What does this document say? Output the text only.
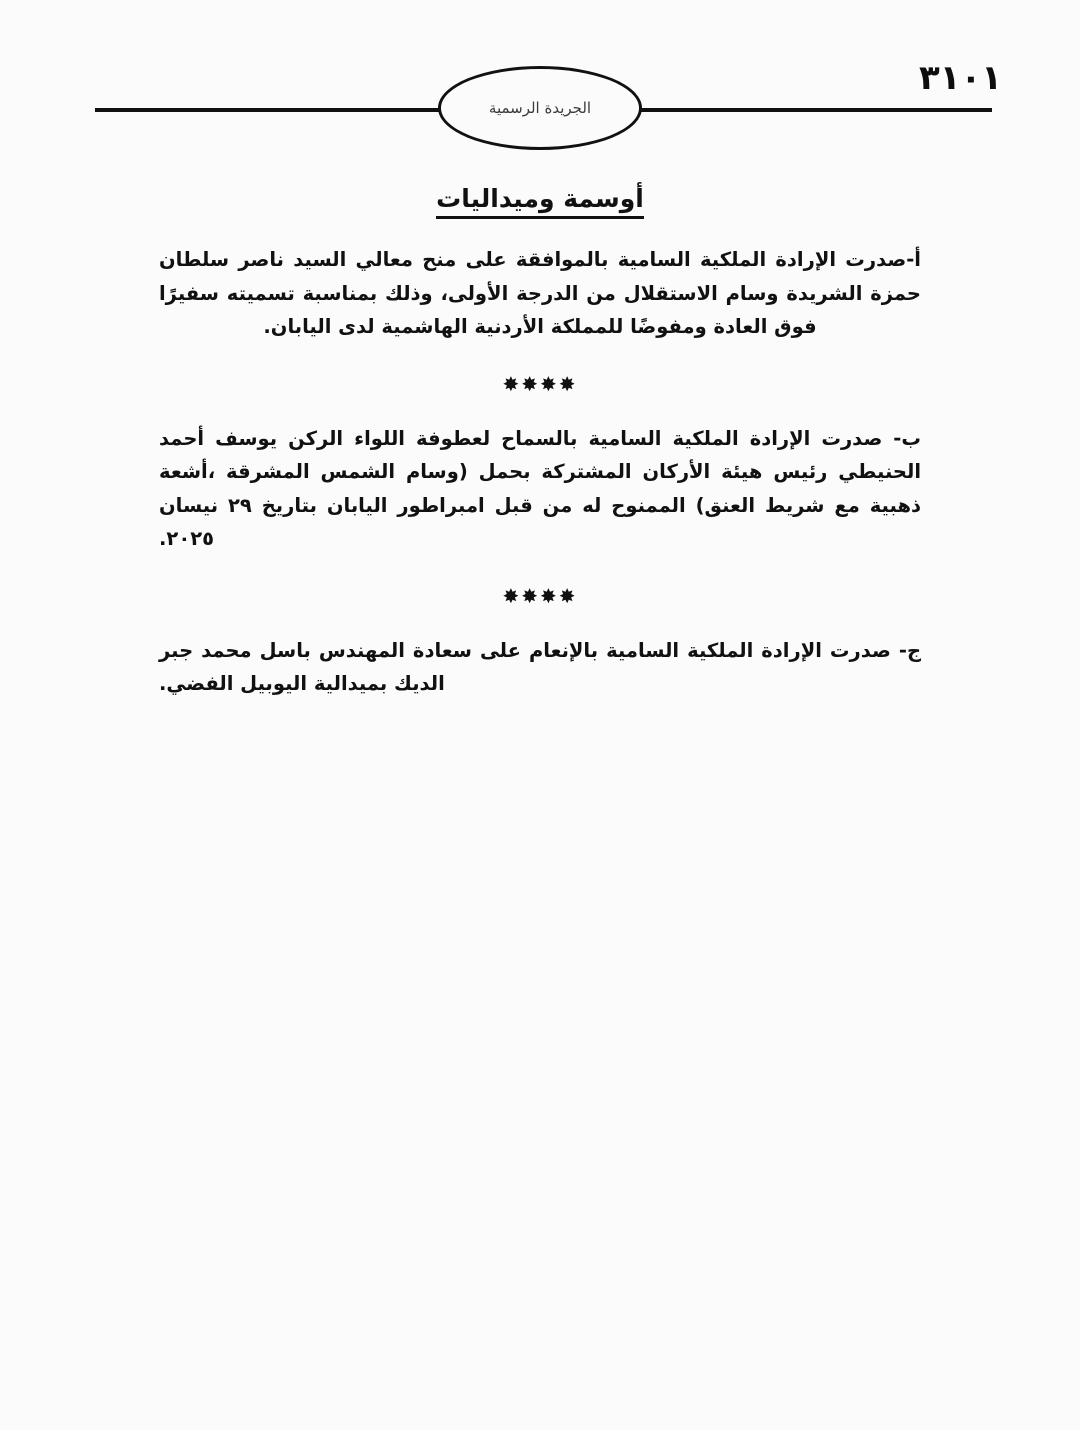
٣١٠١
الجريدة الرسمية
أوسمة وميداليات

أ-صدرت الإرادة الملكية السامية بالموافقة على منح معالي السيد ناصر سلطان حمزة الشريدة وسام الاستقلال من الدرجة الأولى، وذلك بمناسبة تسميته سفيرًا فوق العادة ومفوضًا للمملكة الأردنية الهاشمية لدى اليابان.

✸✸✸✸

ب- صدرت الإرادة الملكية السامية بالسماح لعطوفة اللواء الركن يوسف أحمد الحنيطي رئيس هيئة الأركان المشتركة بحمل (وسام الشمس المشرقة ،أشعة ذهبية مع شريط العنق) الممنوح له من قبل امبراطور اليابان بتاريخ ٢٩ نيسان ٢٠٢٥.

✸✸✸✸

ج- صدرت الإرادة الملكية السامية بالإنعام على سعادة المهندس باسل محمد جبر الديك بميدالية اليوبيل الفضي.
